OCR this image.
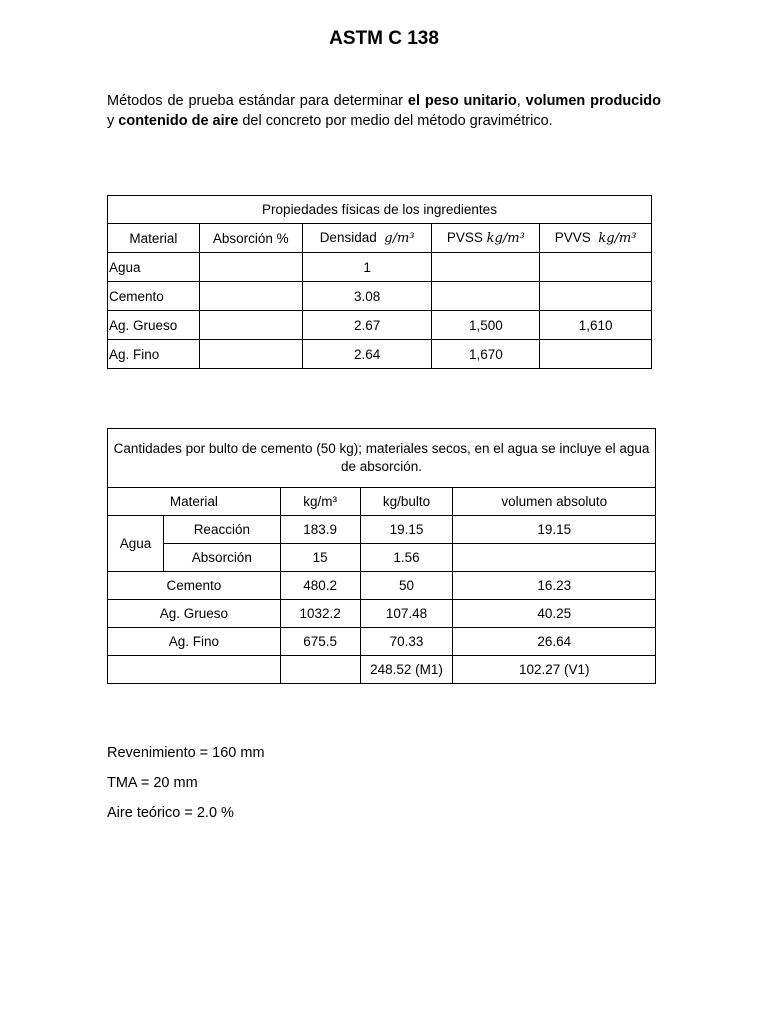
ASTM C 138
Métodos de prueba estándar para determinar el peso unitario, volumen producido y contenido de aire del concreto por medio del método gravimétrico.
Propiedades físicas de los ingredientes				
Material	Absorción %	Densidad g/m³	PVSS kg/m³	PVVS kg/m³
Agua		1		
Cemento		3.08		
Ag. Grueso		2.67	1,500	1,610
Ag. Fino		2.64	1,670	
Cantidades por bulto de cemento (50 kg); materiales secos, en el agua se incluye el agua de absorción.				
Material		kg/m³	kg/bulto	volumen absoluto
Agua	Reacción	183.9	19.15	19.15
	Absorción	15	1.56	
Cemento		480.2	50	16.23
Ag. Grueso		1032.2	107.48	40.25
Ag. Fino		675.5	70.33	26.64
			248.52 (M1)	102.27 (V1)
Revenimiento = 160 mm
TMA = 20 mm
Aire teórico = 2.0 %
